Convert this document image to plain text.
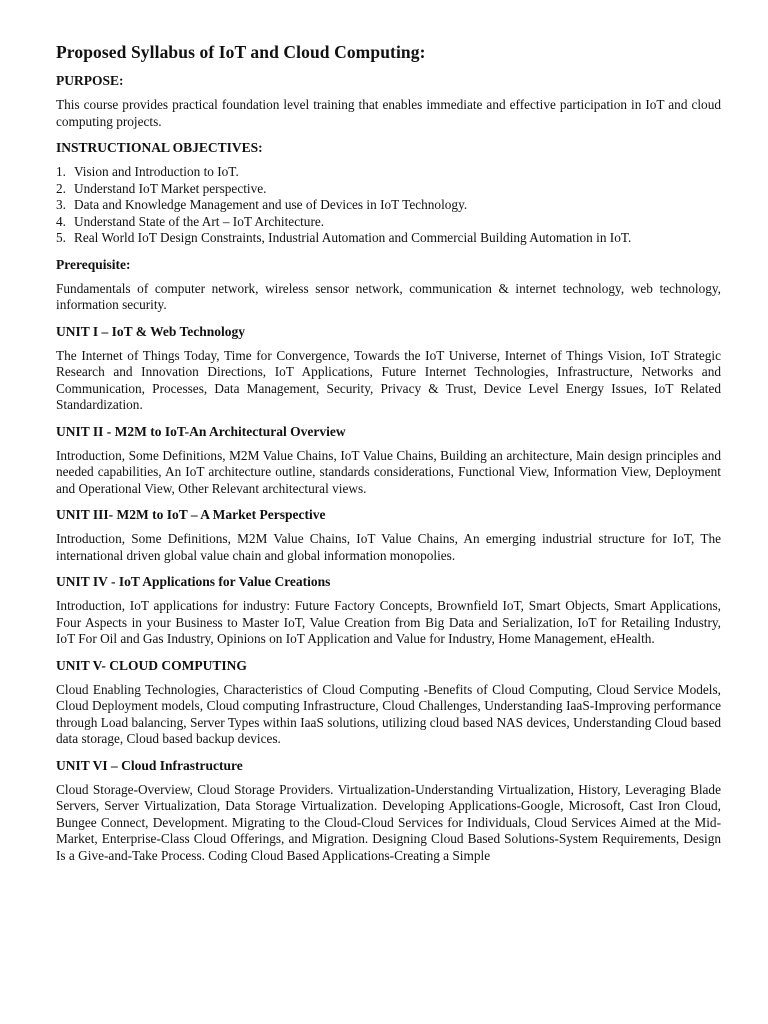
Proposed Syllabus of IoT and Cloud Computing:
PURPOSE:

This course provides practical foundation level training that enables immediate and effective participation in IoT and cloud computing projects.

INSTRUCTIONAL OBJECTIVES:
1. Vision and Introduction to IoT.
2. Understand IoT Market perspective.
3. Data and Knowledge Management and use of Devices in IoT Technology.
4. Understand State of the Art – IoT Architecture.
5. Real World IoT Design Constraints, Industrial Automation and Commercial Building Automation in IoT.
Prerequisite:

Fundamentals of computer network, wireless sensor network, communication & internet technology, web technology, information security.

UNIT I – IoT & Web Technology

The Internet of Things Today, Time for Convergence, Towards the IoT Universe, Internet of Things Vision, IoT Strategic Research and Innovation Directions, IoT Applications, Future Internet Technologies, Infrastructure, Networks and Communication, Processes, Data Management, Security, Privacy & Trust, Device Level Energy Issues, IoT Related Standardization.

UNIT II - M2M to IoT-An Architectural Overview

Introduction, Some Definitions, M2M Value Chains, IoT Value Chains, Building an architecture, Main design principles and needed capabilities, An IoT architecture outline, standards considerations, Functional View, Information View, Deployment and Operational View, Other Relevant architectural views.

UNIT III- M2M to IoT – A Market Perspective

Introduction, Some Definitions, M2M Value Chains, IoT Value Chains, An emerging industrial structure for IoT, The international driven global value chain and global information monopolies.

UNIT IV - IoT Applications for Value Creations

Introduction, IoT applications for industry: Future Factory Concepts, Brownfield IoT, Smart Objects, Smart Applications, Four Aspects in your Business to Master IoT, Value Creation from Big Data and Serialization, IoT for Retailing Industry, IoT For Oil and Gas Industry, Opinions on IoT Application and Value for Industry, Home Management, eHealth.

UNIT V- CLOUD COMPUTING

Cloud Enabling Technologies, Characteristics of Cloud Computing -Benefits of Cloud Computing, Cloud Service Models, Cloud Deployment models, Cloud computing Infrastructure, Cloud Challenges, Understanding IaaS-Improving performance through Load balancing, Server Types within IaaS solutions, utilizing cloud based NAS devices, Understanding Cloud based data storage, Cloud based backup devices.

UNIT VI – Cloud Infrastructure

Cloud Storage-Overview, Cloud Storage Providers. Virtualization-Understanding Virtualization, History, Leveraging Blade Servers, Server Virtualization, Data Storage Virtualization. Developing Applications-Google, Microsoft, Cast Iron Cloud, Bungee Connect, Development. Migrating to the Cloud-Cloud Services for Individuals, Cloud Services Aimed at the Mid-Market, Enterprise-Class Cloud Offerings, and Migration. Designing Cloud Based Solutions-System Requirements, Design Is a Give-and-Take Process. Coding Cloud Based Applications-Creating a Simple
